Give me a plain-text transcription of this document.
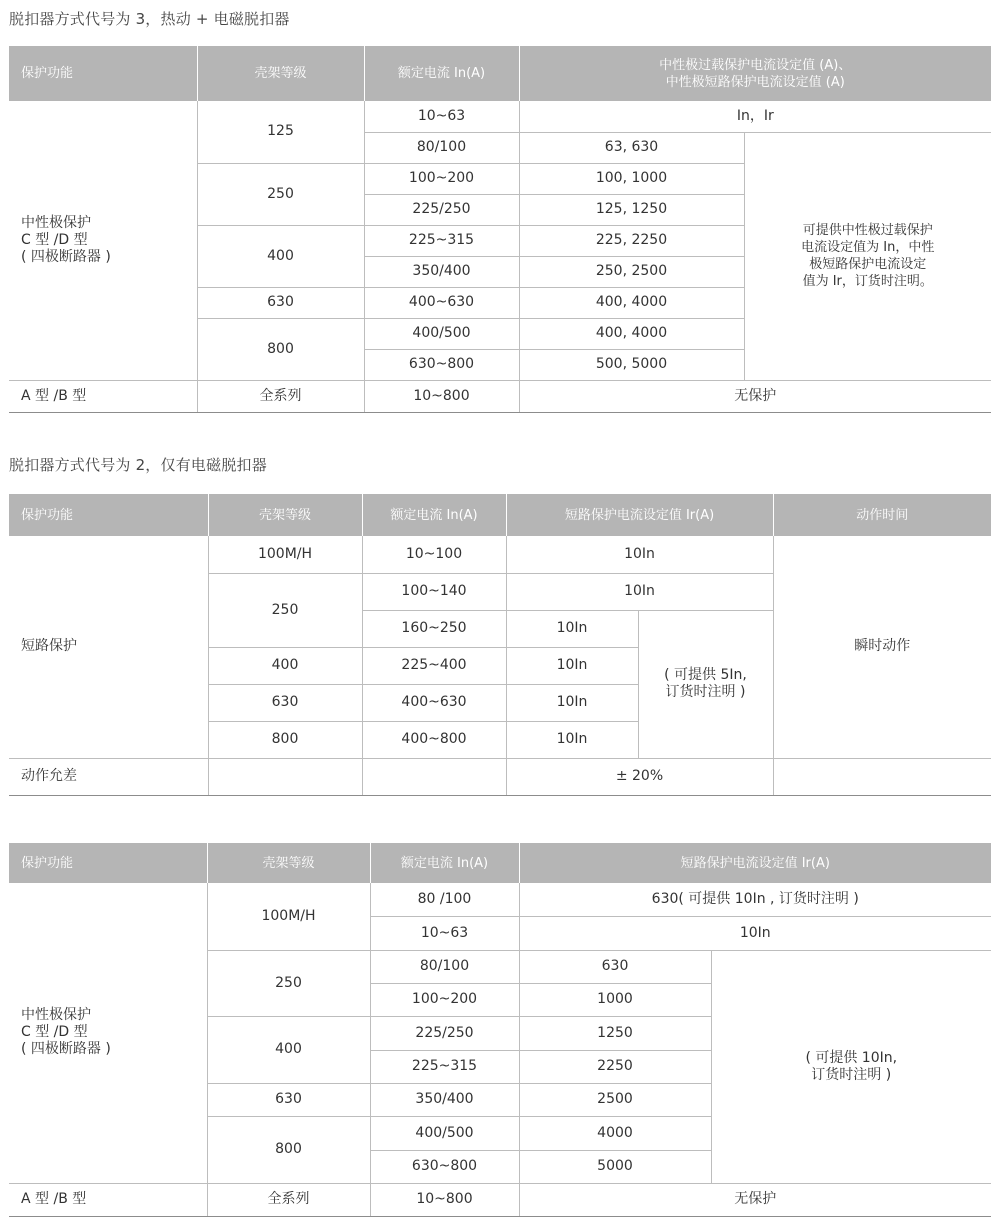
脱扣器方式代号为 3，热动 + 电磁脱扣器
保护功能	壳架等级	额定电流 In(A)	中性极过载保护电流设定值 (A)、
中性极短路保护电流设定值 (A)	
中性极保护
C 型 /D 型
( 四极断路器 )	125	10~63	In，Ir	
		80/100	63, 630	可提供中性极过载保护
电流设定值为 In，中性
极短路保护电流设定
值为 Ir，订货时注明。
	250	100~200	100, 1000	
		225/250	125, 1250	
	400	225~315	225, 2250	
		350/400	250, 2500	
	630	400~630	400, 4000	
	800	400/500	400, 4000	
		630~800	500, 5000	
A 型 /B 型	全系列	10~800	无保护	
脱扣器方式代号为 2，仅有电磁脱扣器
保护功能	壳架等级	额定电流 In(A)	短路保护电流设定值 Ir(A)		动作时间
短路保护	100M/H	10~100	10In		瞬时动作
	250	100~140	10In		
		160~250	10In	( 可提供 5In,
订货时注明 )	
	400	225~400	10In		
	630	400~630	10In		
	800	400~800	10In		
动作允差			± 20%		
保护功能	壳架等级	额定电流 In(A)	短路保护电流设定值 Ir(A)	
中性极保护
C 型 /D 型
( 四极断路器 )	100M/H	80 /100	630( 可提供 10In , 订货时注明 )	
		10~63	10In	
	250	80/100	630	( 可提供 10In,
订货时注明 )
		100~200	1000	
	400	225/250	1250	
		225~315	2250	
	630	350/400	2500	
	800	400/500	4000	
		630~800	5000	
A 型 /B 型	全系列	10~800	无保护	
